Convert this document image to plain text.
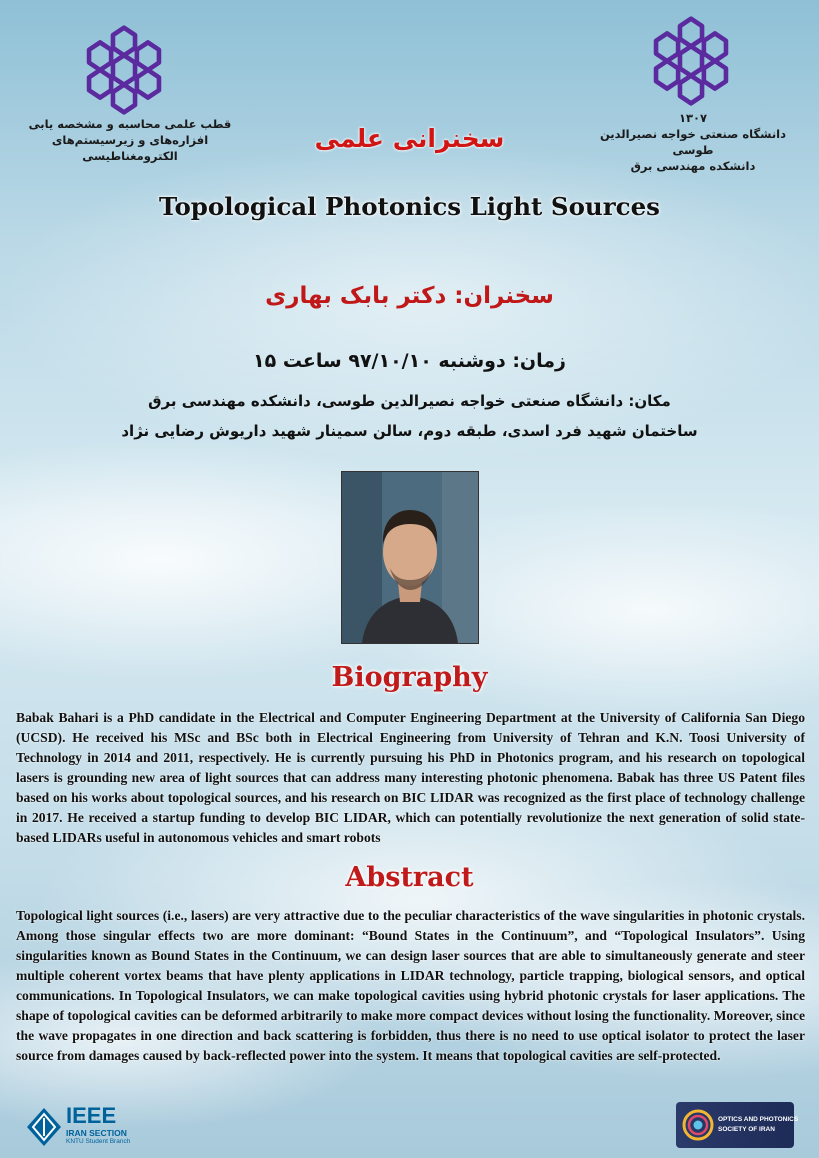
قطب علمی محاسبه و مشخصه یابی
افزاره‌های و زیرسیستم‌های الکترومغناطیسی
۱۳۰۷
دانشگاه صنعتی خواجه نصیرالدین طوسی
دانشکده مهندسی برق
سخنرانی علمی
Topological Photonics Light Sources
سخنران: دکتر بابک بهاری
زمان: دوشنبه ۹۷/۱۰/۱۰ ساعت ۱۵
مکان: دانشگاه صنعتی خواجه نصیرالدین طوسی، دانشکده مهندسی برق
ساختمان شهید فرد اسدی، طبقه دوم، سالن سمینار شهید داریوش رضایی نژاد
Biography
Babak Bahari is a PhD candidate in the Electrical and Computer Engineering Department at the University of California San Diego (UCSD). He received his MSc and BSc both in Electrical Engineering from University of Tehran and K.N. Toosi University of Technology in 2014 and 2011, respectively. He is currently pursuing his PhD in Photonics program, and his research on topological lasers is grounding new area of light sources that can address many interesting photonic phenomena. Babak has three US Patent files based on his works about topological sources, and his research on BIC LIDAR was recognized as the first place of technology challenge in 2017. He received a startup funding to develop BIC LIDAR, which can potentially revolutionize the next generation of solid state-based LIDARs useful in autonomous vehicles and smart robots
Abstract
Topological light sources (i.e., lasers) are very attractive due to the peculiar characteristics of the wave singularities in photonic crystals. Among those singular effects two are more dominant: “Bound States in the Continuum”, and “Topological Insulators”. Using singularities known as Bound States in the Continuum, we can design laser sources that are able to simultaneously generate and steer multiple coherent vortex beams that have plenty applications in LIDAR technology, particle trapping, biological sensors, and optical communications. In Topological Insulators, we can make topological cavities using hybrid photonic crystals for laser applications. The shape of topological cavities can be deformed arbitrarily to make more compact devices without losing the functionality. Moreover, since the wave propagates in one direction and back scattering is forbidden, thus there is no need to use optical isolator to protect the laser source from damages caused by back-reflected power into the system. It means that topological cavities are self-protected.
IEEE
IRAN SECTION
KNTU Student Branch
OPTICS AND PHOTONICS
SOCIETY OF IRAN
